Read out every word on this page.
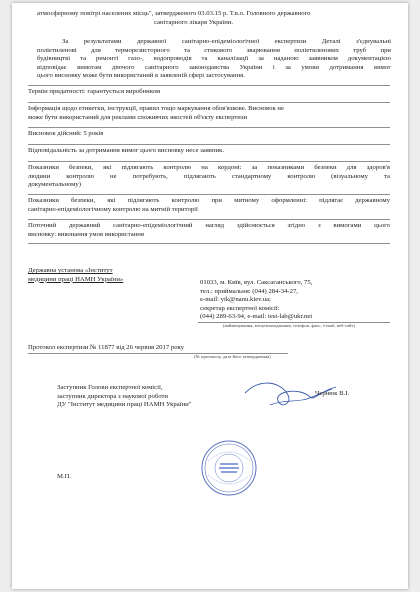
атмосферному повітрі населених місць", затвердженого 03.03.15 р. Т.в.о. Головного державного
санітарного лікаря України.
За результатами державної санітарно-епідеміологічної експертизи Деталі з'єднувальні
поліетиленові для терморезисторного та стикового зварювання поліетиленових труб при
будівництві та ремонті газо-, водопроводів та каналізації за наданою заявником документацією
відповідає вимогам діючого санітарного законодавства України і за умови дотримання вимог
цього висновку може бути використаний в заявленій сфері застосування.
Термін придатності: гарантується виробником
Інформація щодо етикетки, інструкції, правил тощо маркування обов'язкове. Висновок не
може бути використаний для реклами споживчих якостей об'єкту експертизи
Висновок дійсний: 5 років
Відповідальність за дотримання вимог цього висновку несе заявник.
Показники безпеки, які підлягають контролю на кордоні: за показниками безпеки для здоров'я
людини контролю не потребують, підлягають стандартному контролю (візуальному та
документальному)
Показники безпеки, які підлягають контролю при митному оформленні: підлягає державному
санітарно-епідеміологічному контролю на митній території
Поточний державний санітарно-епідеміологічний нагляд здійснюється згідно з вимогами цього
висновку: виконання умов використання
Державна установа «Інститут
медицини праці НАМН України»	01033, м. Київ, вул. Саксаганського, 75,
тел.: приймальня: (044) 284-34-27,
e-mail: yik@nanu.kiev.ua;
секретар експертної комісії:
(044) 289-63-94, e-mail: test-lab@ukr.net
(найменування, місцезнаходження, телефон, факс, e-mail, веб-сайт)
Протокол експертизи № 11877 від 26 червня 2017 року
(№ протоколу, дата його затвердження)
Заступник Голови експертної комісії,
заступник директора з наукової роботи
ДУ "Інститут медицини праці НАМН України"
Чернюк В.І.
М.П.
